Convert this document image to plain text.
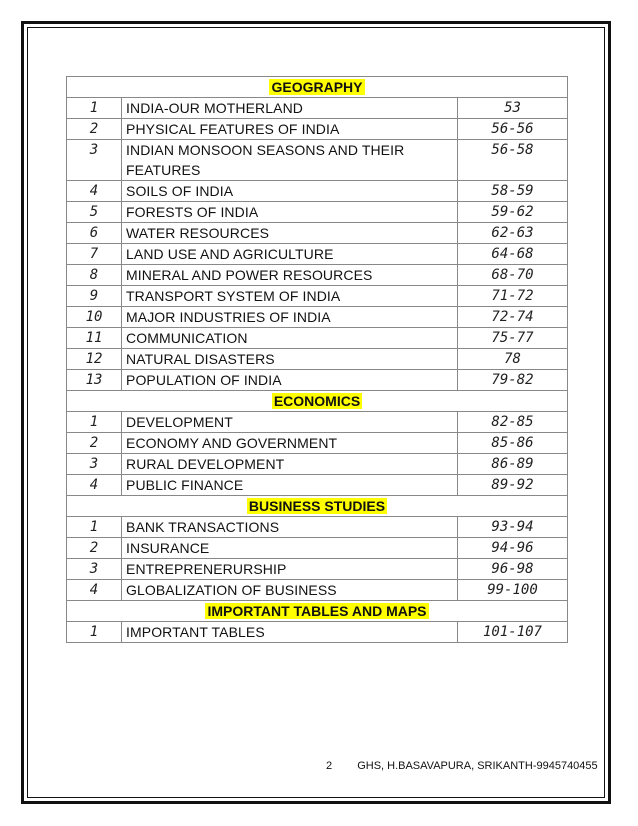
GEOGRAPHY		
1	INDIA-OUR MOTHERLAND	53
2	PHYSICAL FEATURES OF INDIA	56-56
3	INDIAN MONSOON SEASONS AND THEIR FEATURES	56-58
4	SOILS OF INDIA	58-59
5	FORESTS OF INDIA	59-62
6	WATER RESOURCES	62-63
7	LAND USE AND AGRICULTURE	64-68
8	MINERAL AND POWER RESOURCES	68-70
9	TRANSPORT SYSTEM OF INDIA	71-72
10	MAJOR INDUSTRIES OF INDIA	72-74
11	COMMUNICATION	75-77
12	NATURAL DISASTERS	78
13	POPULATION OF INDIA	79-82
ECONOMICS		
1	DEVELOPMENT	82-85
2	ECONOMY AND GOVERNMENT	85-86
3	RURAL DEVELOPMENT	86-89
4	PUBLIC FINANCE	89-92
BUSINESS STUDIES		
1	BANK TRANSACTIONS	93-94
2	INSURANCE	94-96
3	ENTREPRENERURSHIP	96-98
4	GLOBALIZATION OF BUSINESS	99-100
IMPORTANT TABLES AND MAPS		
1	IMPORTANT TABLES	101-107
2 GHS, H.BASAVAPURA, SRIKANTH-9945740455
